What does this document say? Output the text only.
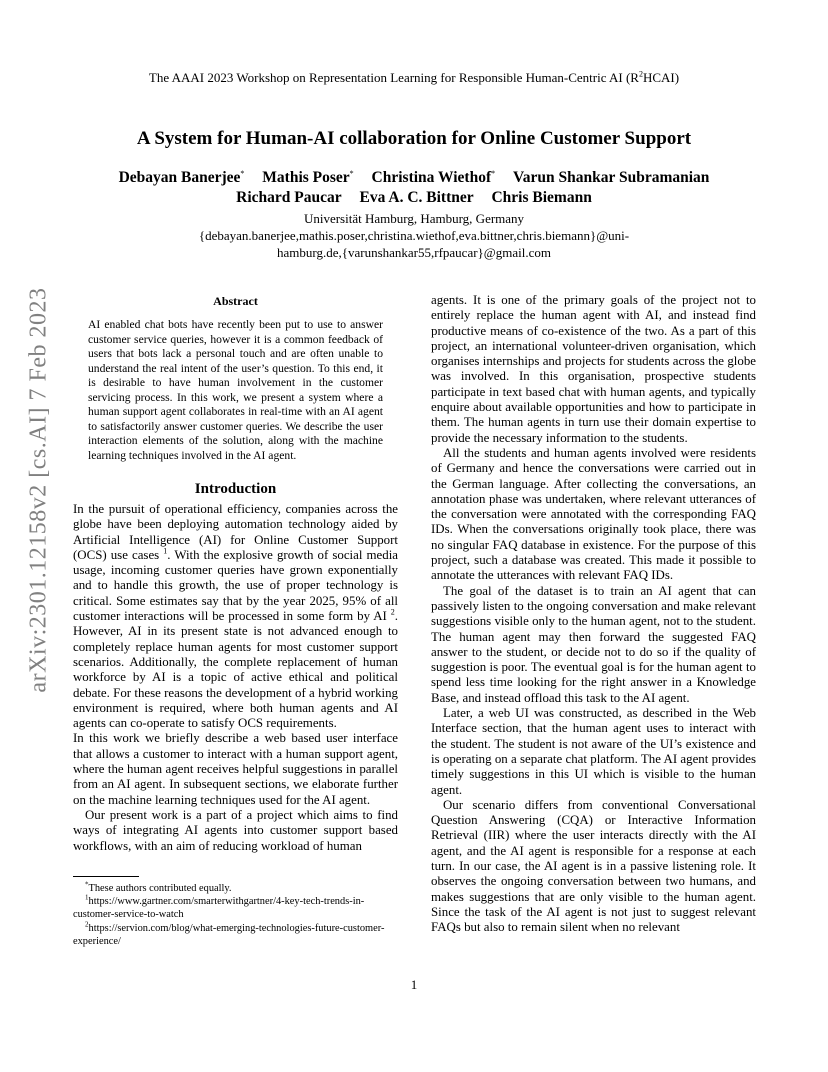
The AAAI 2023 Workshop on Representation Learning for Responsible Human-Centric AI $(R^2HCAI)$
A System for Human-AI collaboration for Online Customer Support
Debayan Banerjee* Mathis Poser* Christina Wiethof* Varun Shankar Subramanian
Richard Paucar Eva A. C. Bittner Chris Biemann
Universität Hamburg, Hamburg, Germany
{debayan.banerjee,mathis.poser,christina.wiethof,eva.bittner,chris.biemann}@uni-
hamburg.de,{varunshankar55,rfpaucar}@gmail.com
arXiv:2301.12158v2 [cs.AI] 7 Feb 2023	Abstract
AI enabled chat bots have recently been put to use to answer customer service queries, however it is a common feedback of users that bots lack a personal touch and are often unable to understand the real intent of the user’s question. To this end, it is desirable to have human involvement in the customer servicing process. In this work, we present a system where a human support agent collaborates in real-time with an AI agent to satisfactorily answer customer queries. We describe the user interaction elements of the solution, along with the machine learning techniques involved in the AI agent.
Introduction

In the pursuit of operational efficiency, companies across the globe have been deploying automation technology aided by Artificial Intelligence (AI) for Online Customer Support (OCS) use cases $^1$. With the explosive growth of social media usage, incoming customer queries have grown exponentially and to handle this growth, the use of proper technology is critical. Some estimates say that by the year 2025, 95% of all customer interactions will be processed in some form by AI $^2$. However, AI in its present state is not advanced enough to completely replace human agents for most customer support scenarios. Additionally, the complete replacement of human workforce by AI is a topic of active ethical and political debate. For these reasons the development of a hybrid working environment is required, where both human agents and AI agents can co-operate to satisfy OCS requirements.

In this work we briefly describe a web based user interface that allows a customer to interact with a human support agent, where the human agent receives helpful suggestions in parallel from an AI agent. In subsequent sections, we elaborate further on the machine learning techniques used for the AI agent.

Our present work is a part of a project which aims to find ways of integrating AI agents into customer support based workflows, with an aim of reducing workload of human

agents. It is one of the primary goals of the project not to entirely replace the human agent with AI, and instead find productive means of co-existence of the two. As a part of this project, an international volunteer-driven organisation, which organises internships and projects for students across the globe was involved. In this organisation, prospective students participate in text based chat with human agents, and typically enquire about available opportunities and how to participate in them. The human agents in turn use their domain expertise to provide the necessary information to the students.

All the students and human agents involved were residents of Germany and hence the conversations were carried out in the German language. After collecting the conversations, an annotation phase was undertaken, where relevant utterances of the conversation were annotated with the corresponding FAQ IDs. When the conversations originally took place, there was no singular FAQ database in existence. For the purpose of this project, such a database was created. This made it possible to annotate the utterances with relevant FAQ IDs.

The goal of the dataset is to train an AI agent that can passively listen to the ongoing conversation and make relevant suggestions visible only to the human agent, not to the student. The human agent may then forward the suggested FAQ answer to the student, or decide not to do so if the quality of suggestion is poor. The eventual goal is for the human agent to spend less time looking for the right answer in a Knowledge Base, and instead offload this task to the AI agent.

Later, a web UI was constructed, as described in the Web Interface section, that the human agent uses to interact with the student. The student is not aware of the UI’s existence and is operating on a separate chat platform. The AI agent provides timely suggestions in this UI which is visible to the human agent.

Our scenario differs from conventional Conversational Question Answering (CQA) or Interactive Information Retrieval (IIR) where the user interacts directly with the AI agent, and the AI agent is responsible for a response at each turn. In our case, the AI agent is in a passive listening role. It observes the ongoing conversation between two humans, and makes suggestions that are only visible to the human agent. Since the task of the AI agent is not just to suggest relevant FAQs but also to remain silent when no relevant

*These authors contributed equally.
$^1$https://www.gartner.com/smarterwithgartner/4-key-tech-trends-in-customer-service-to-watch
$^2$https://servion.com/blog/what-emerging-technologies-future-customer-experience/
1
